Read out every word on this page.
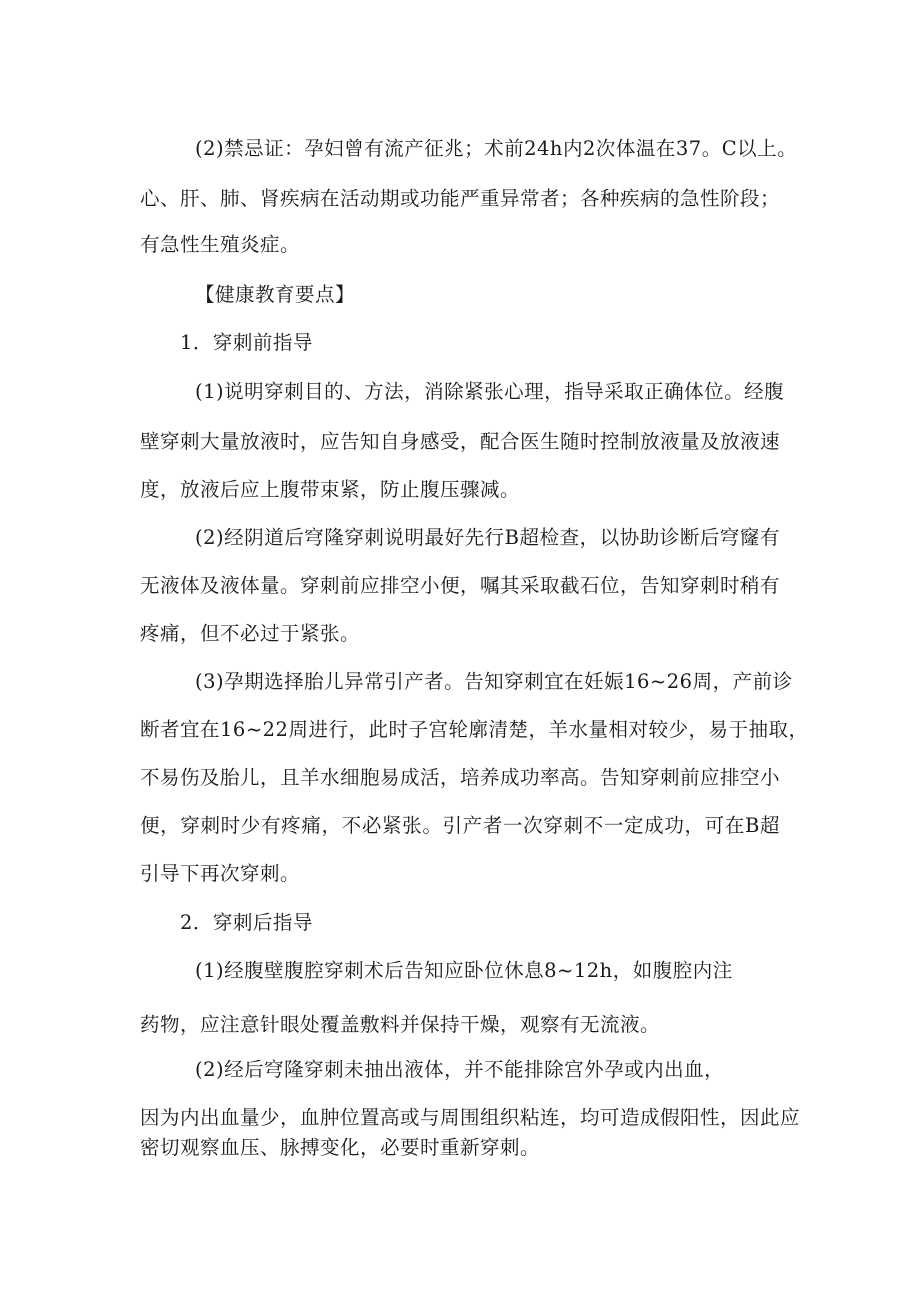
(2)禁忌证：孕妇曾有流产征兆；术前24h内2次体温在37。C以上。
心、肝、肺、肾疾病在活动期或功能严重异常者；各种疾病的急性阶段；
有急性生殖炎症。
【健康教育要点】
1．穿刺前指导
(1)说明穿刺目的、方法，消除紧张心理，指导采取正确体位。经腹
壁穿刺大量放液时，应告知自身感受，配合医生随时控制放液量及放液速
度，放液后应上腹带束紧，防止腹压骤减。
(2)经阴道后穹隆穿刺说明最好先行B超检查，以协助诊断后穹窿有
无液体及液体量。穿刺前应排空小便，嘱其采取截石位，告知穿刺时稍有
疼痛，但不必过于紧张。
(3)孕期选择胎儿异常引产者。告知穿刺宜在妊娠16~26周，产前诊
断者宜在16~22周进行，此时子宫轮廓清楚，羊水量相对较少，易于抽取，
不易伤及胎儿，且羊水细胞易成活，培养成功率高。告知穿刺前应排空小
便，穿刺时少有疼痛，不必紧张。引产者一次穿刺不一定成功，可在B超
引导下再次穿刺。
2．穿刺后指导
(1)经腹壁腹腔穿刺术后告知应卧位休息8~12h，如腹腔内注
药物，应注意针眼处覆盖敷料并保持干燥，观察有无流液。
(2)经后穹隆穿刺未抽出液体，并不能排除宫外孕或内出血，
因为内出血量少，血肿位置高或与周围组织粘连，均可造成假阳性，因此应
密切观察血压、脉搏变化，必要时重新穿刺。
